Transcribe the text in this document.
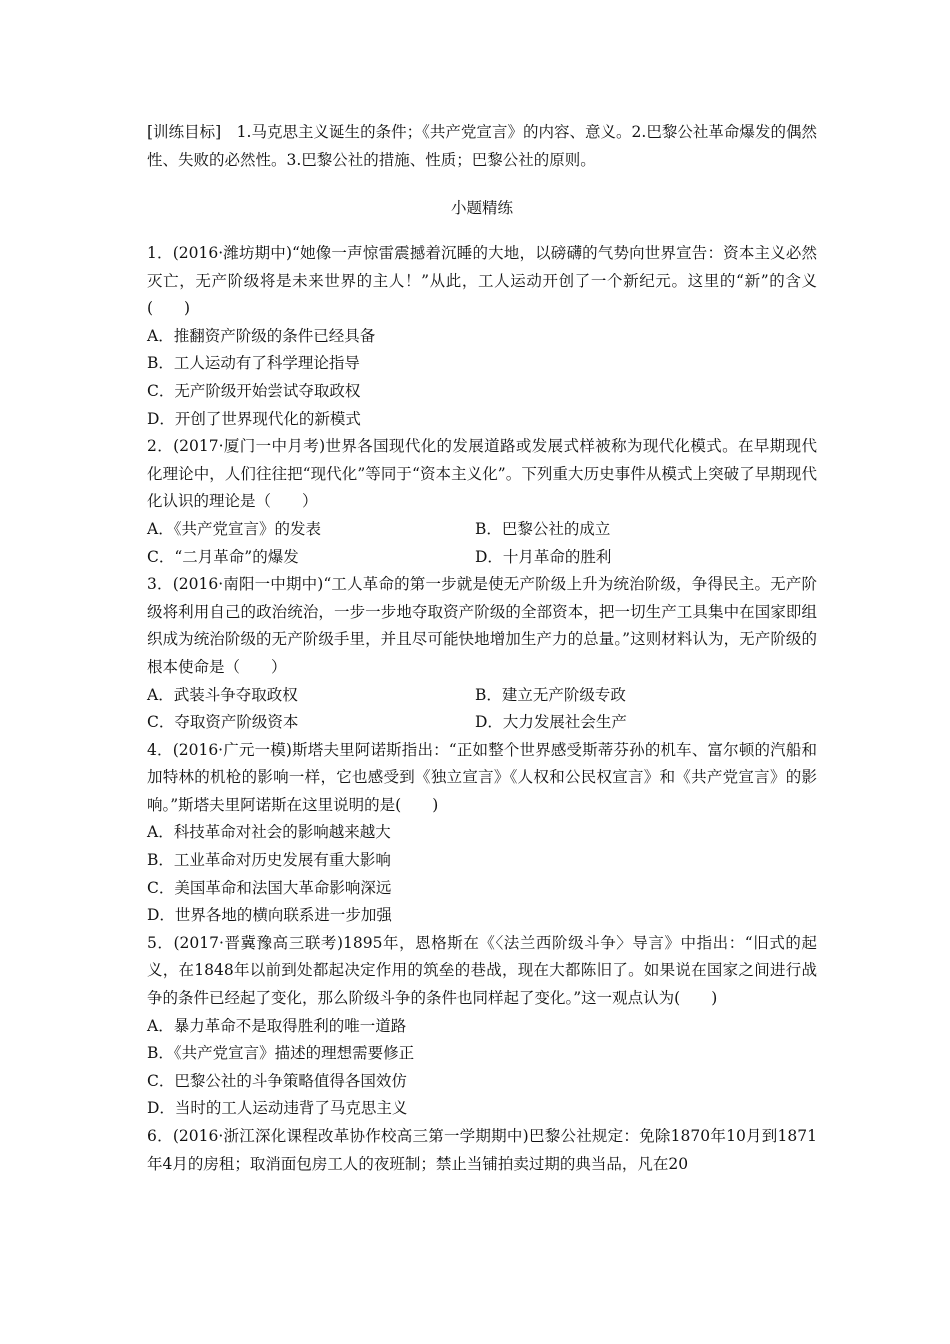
[训练目标]　1.马克思主义诞生的条件；《共产党宣言》的内容、意义。2.巴黎公社革命爆发的偶然性、失败的必然性。3.巴黎公社的措施、性质；巴黎公社的原则。

小题精练

1．(2016·潍坊期中)“她像一声惊雷震撼着沉睡的大地，以磅礴的气势向世界宣告：资本主义必然灭亡，无产阶级将是未来世界的主人！”从此，工人运动开创了一个新纪元。这里的“新”的含义(　　)

A．推翻资产阶级的条件已经具备

B．工人运动有了科学理论指导

C．无产阶级开始尝试夺取政权

D．开创了世界现代化的新模式

2．(2017·厦门一中月考)世界各国现代化的发展道路或发展式样被称为现代化模式。在早期现代化理论中，人们往往把“现代化”等同于“资本主义化”。下列重大历史事件从模式上突破了早期现代化认识的理论是（　　）

A．《共产党宣言》的发表	B．巴黎公社的成立
C．“二月革命”的爆发	D．十月革命的胜利

3．(2016·南阳一中期中)“工人革命的第一步就是使无产阶级上升为统治阶级，争得民主。无产阶级将利用自己的政治统治，一步一步地夺取资产阶级的全部资本，把一切生产工具集中在国家即组织成为统治阶级的无产阶级手里，并且尽可能快地增加生产力的总量。”这则材料认为，无产阶级的根本使命是（　　）

A．武装斗争夺取政权	B．建立无产阶级专政
C．夺取资产阶级资本	D．大力发展社会生产

4．(2016·广元一模)斯塔夫里阿诺斯指出：“正如整个世界感受斯蒂芬孙的机车、富尔顿的汽船和加特林的机枪的影响一样，它也感受到《独立宣言》《人权和公民权宣言》和《共产党宣言》的影响。”斯塔夫里阿诺斯在这里说明的是(　　)

A．科技革命对社会的影响越来越大

B．工业革命对历史发展有重大影响

C．美国革命和法国大革命影响深远

D．世界各地的横向联系进一步加强

5．(2017·晋冀豫高三联考)1895年，恩格斯在《〈法兰西阶级斗争〉导言》中指出：“旧式的起义，在1848年以前到处都起决定作用的筑垒的巷战，现在大都陈旧了。如果说在国家之间进行战争的条件已经起了变化，那么阶级斗争的条件也同样起了变化。”这一观点认为(　　)

A．暴力革命不是取得胜利的唯一道路

B．《共产党宣言》描述的理想需要修正

C．巴黎公社的斗争策略值得各国效仿

D．当时的工人运动违背了马克思主义

6．(2016·浙江深化课程改革协作校高三第一学期期中)巴黎公社规定：免除1870年10月到1871年4月的房租；取消面包房工人的夜班制；禁止当铺拍卖过期的典当品，凡在20
